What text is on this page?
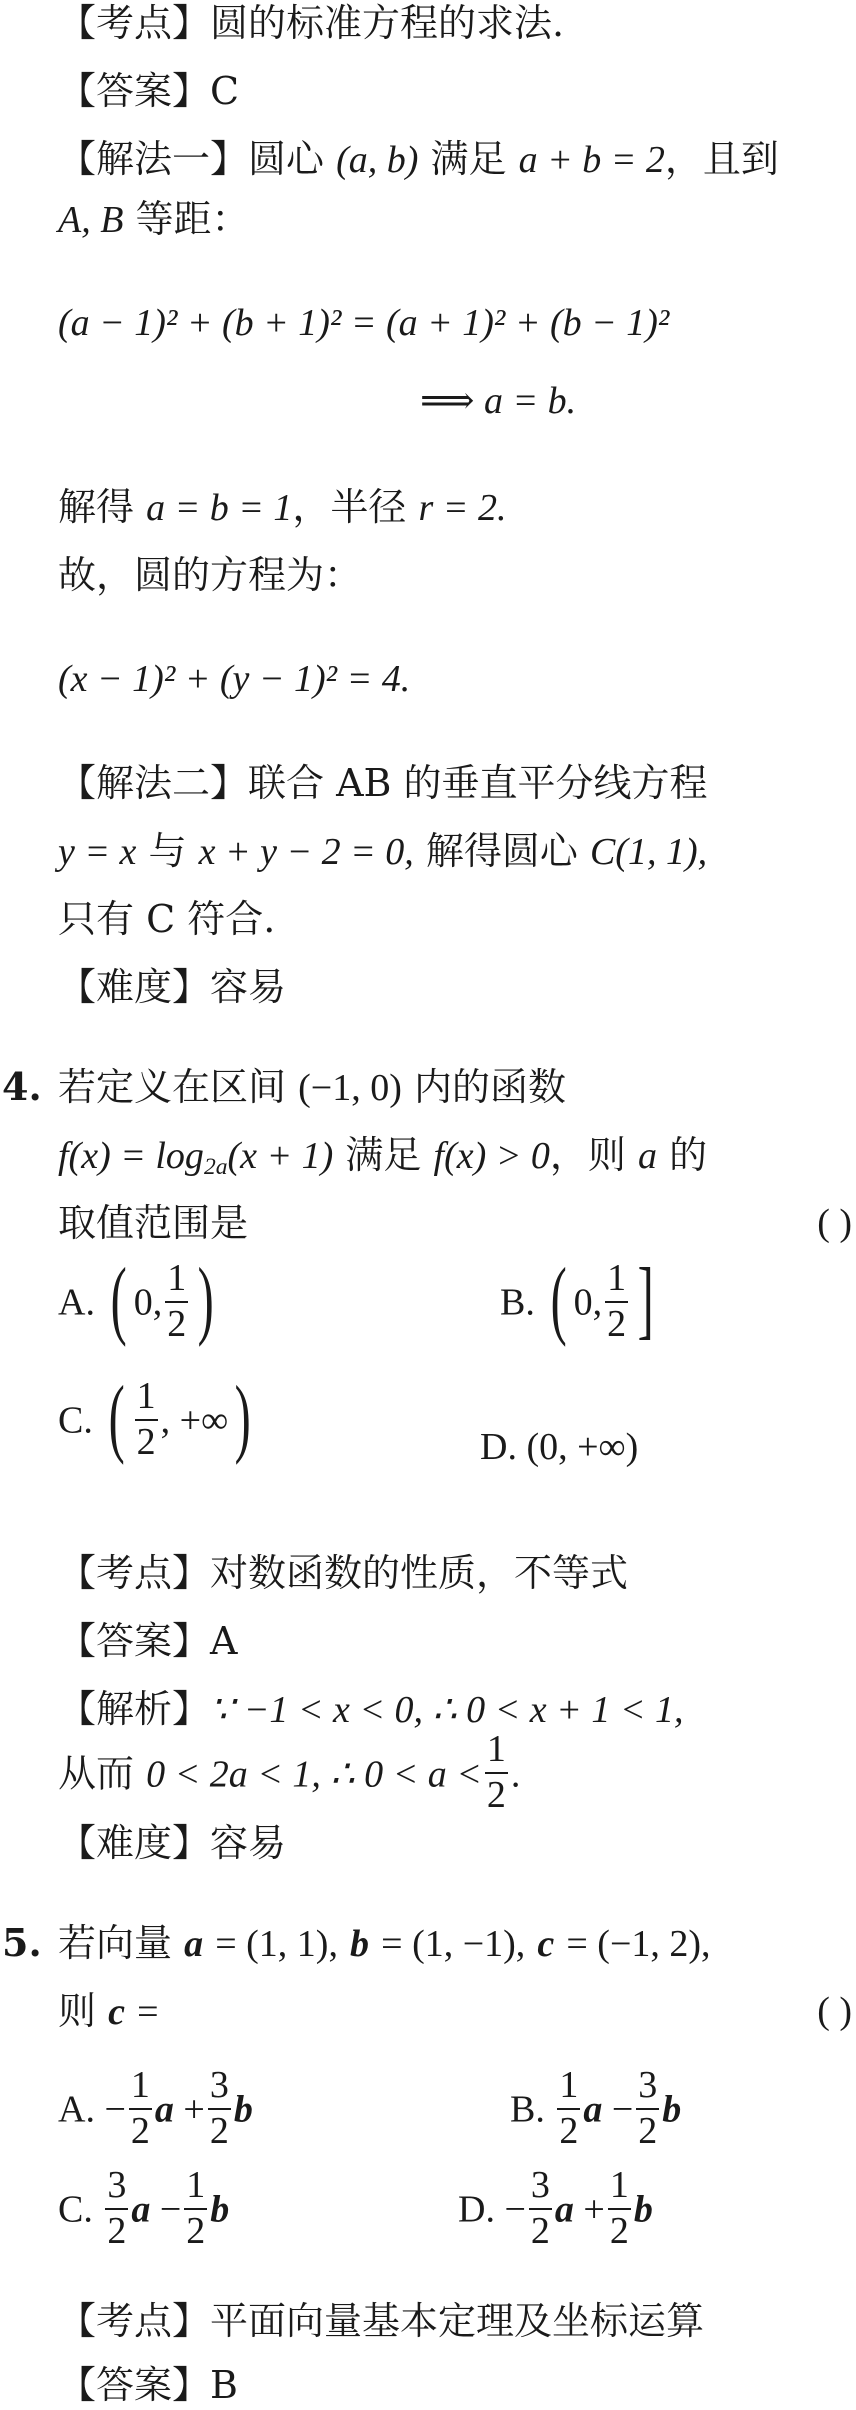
【考点】圆的标准方程的求法.
【答案】C
【解法一】圆心 (a, b) 满足 a + b = 2，且到
A, B 等距：
(a − 1)² + (b + 1)² = (a + 1)² + (b − 1)²
⟹ a = b.
解得 a = b = 1，半径 r = 2.
故，圆的方程为：
(x − 1)² + (y − 1)² = 4.
【解法二】联合 AB 的垂直平分线方程
y = x 与 x + y − 2 = 0, 解得圆心 C(1, 1),
只有 C 符合.
【难度】容易
4. 若定义在区间 (−1, 0) 内的函数
$f(x) = \log_{2a}(x + 1)$ 满足 f(x) > 0，则 a 的
取值范围是	( )
A. ( 0, $\frac{1}{2}$ )	B. ( 0, $\frac{1}{2}$ ]
C. ( $\frac{1}{2}$ , +∞)	D. (0, +∞)
【考点】对数函数的性质，不等式
【答案】A
【解析】∵ −1 < x < 0, ∴ 0 < x + 1 < 1,
从而 0 < 2a < 1, ∴ $0 < a < \frac{1}{2}$ .
【难度】容易
5. 若向量 a = (1, 1), b = (1, −1), c = (−1, 2),
则 c =	( )
A. − $\frac{1}{2}$ $a + \frac{3}{2}$ b	B. $\frac{1}{2}$ $a - \frac{3}{2}$ b
C. $\frac{3}{2}$ $a - \frac{1}{2}$ b	D. − $\frac{3}{2}$ $a + \frac{1}{2}$ b
【考点】平面向量基本定理及坐标运算
【答案】B
